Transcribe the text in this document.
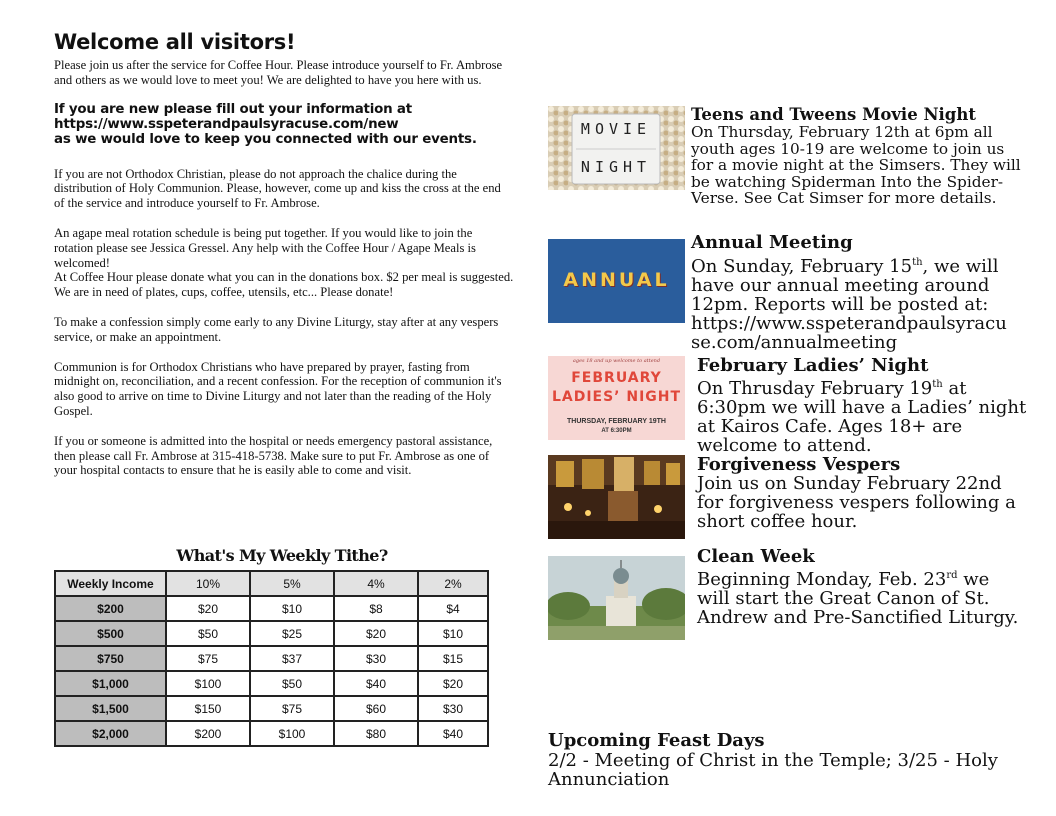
Welcome all visitors!

Please join us after the service for Coffee Hour. Please introduce yourself to Fr. Ambrose and others as we would love to meet you! We are delighted to have you here with us.

If you are new please fill out your information at

https://www.sspeterandpaulsyracuse.com/new

as we would love to keep you connected with our events.

If you are not Orthodox Christian, please do not approach the chalice during the distribution of Holy Communion. Please, however, come up and kiss the cross at the end of the service and introduce yourself to Fr. Ambrose.

An agape meal rotation schedule is being put together. If you would like to join the rotation please see Jessica Gressel. Any help with the Coffee Hour / Agape Meals is welcomed!

At Coffee Hour please donate what you can in the donations box. $2 per meal is suggested. We are in need of plates, cups, coffee, utensils, etc... Please donate!

To make a confession simply come early to any Divine Liturgy, stay after at any vespers service, or make an appointment.

Communion is for Orthodox Christians who have prepared by prayer, fasting from midnight on, reconciliation, and a recent confession. For the reception of communion it's also good to arrive on time to Divine Liturgy and not later than the reading of the Holy Gospel.

If you or someone is admitted into the hospital or needs emergency pastoral assistance, then please call Fr. Ambrose at 315-418-5738. Make sure to put Fr. Ambrose as one of your hospital contacts to ensure that he is easily able to come and visit.

What's My Weekly Tithe?
Weekly Income	10%	5%	4%	2%
$200	$20	$10	$8	$4
$500	$50	$25	$20	$10
$750	$75	$37	$30	$15
$1,000	$100	$50	$40	$20
$1,500	$150	$75	$60	$30
$2,000	$200	$100	$80	$40
MOVIE
NIGHT

Teens and Tweens Movie Night

On Thursday, February 12th at 6pm all youth ages 10-19 are welcome to join us for a movie night at the Simsers. They will be watching Spiderman Into the Spider-Verse. See Cat Simser for more details.

ANNUAL

Annual Meeting

On Sunday, February 15th, we will have our annual meeting around 12pm. Reports will be posted at: https://www.sspeterandpaulsyracu se.com/annualmeeting

ages 18 and up welcome to attend
FEBRUARY
LADIES’ NIGHT
THURSDAY, FEBRUARY 19TH
AT 6:30PM

February Ladies’ Night

On Thrusday February 19th at 6:30pm we will have a Ladies’ night at Kairos Cafe. Ages 18+ are welcome to attend.

Forgiveness Vespers

Join us on Sunday February 22nd for forgiveness vespers following a short coffee hour.

Clean Week

Beginning Monday, Feb. 23rd we will start the Great Canon of St. Andrew and Pre-Sanctified Liturgy.

Upcoming Feast Days

2/2 - Meeting of Christ in the Temple; 3/25 - Holy Annunciation
